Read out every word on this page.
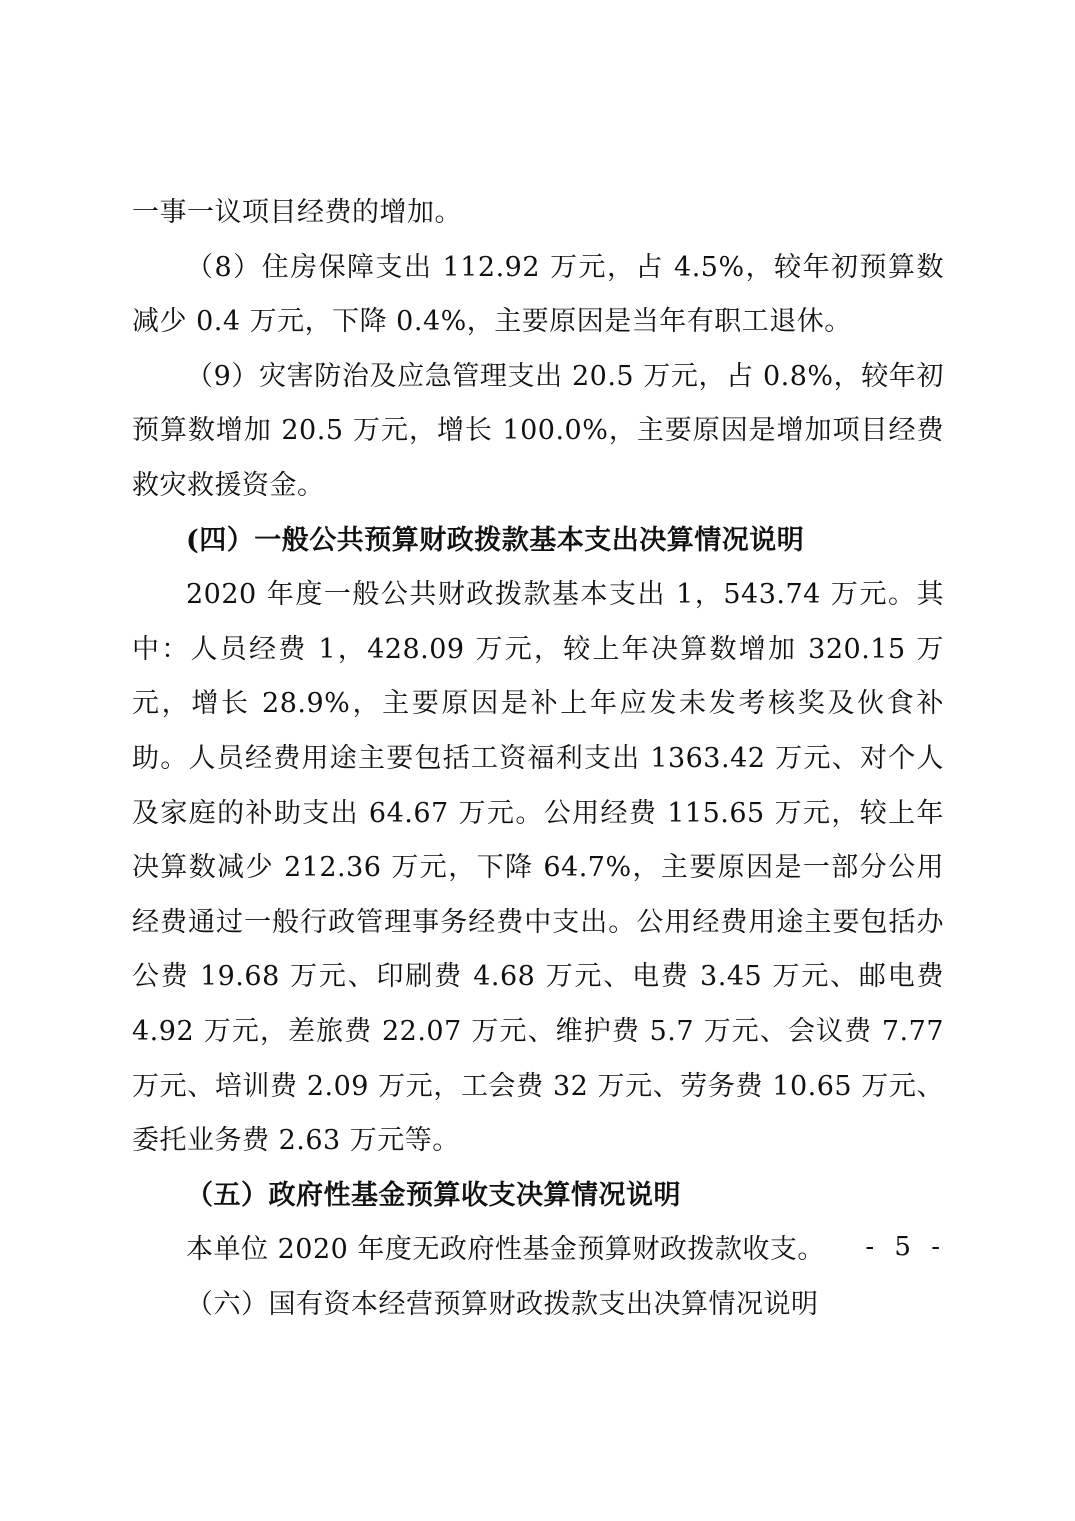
一事一议项目经费的增加。

（8）住房保障支出 112.92 万元，占 4.5%，较年初预算数减少 0.4 万元，下降 0.4%，主要原因是当年有职工退休。

（9）灾害防治及应急管理支出 20.5 万元，占 0.8%，较年初预算数增加 20.5 万元，增长 100.0%，主要原因是增加项目经费救灾救援资金。

(四）一般公共预算财政拨款基本支出决算情况说明

2020 年度一般公共财政拨款基本支出 1，543.74 万元。其中：人员经费 1，428.09 万元，较上年决算数增加 320.15 万元，增长 28.9%，主要原因是补上年应发未发考核奖及伙食补助。人员经费用途主要包括工资福利支出 1363.42 万元、对个人及家庭的补助支出 64.67 万元。公用经费 115.65 万元，较上年决算数减少 212.36 万元，下降 64.7%，主要原因是一部分公用经费通过一般行政管理事务经费中支出。公用经费用途主要包括办公费 19.68 万元、印刷费 4.68 万元、电费 3.45 万元、邮电费 4.92 万元，差旅费 22.07 万元、维护费 5.7 万元、会议费 7.77 万元、培训费 2.09 万元，工会费 32 万元、劳务费 10.65 万元、委托业务费 2.63 万元等。

（五）政府性基金预算收支决算情况说明

本单位 2020 年度无政府性基金预算财政拨款收支。

（六）国有资本经营预算财政拨款支出决算情况说明

- 5 -
